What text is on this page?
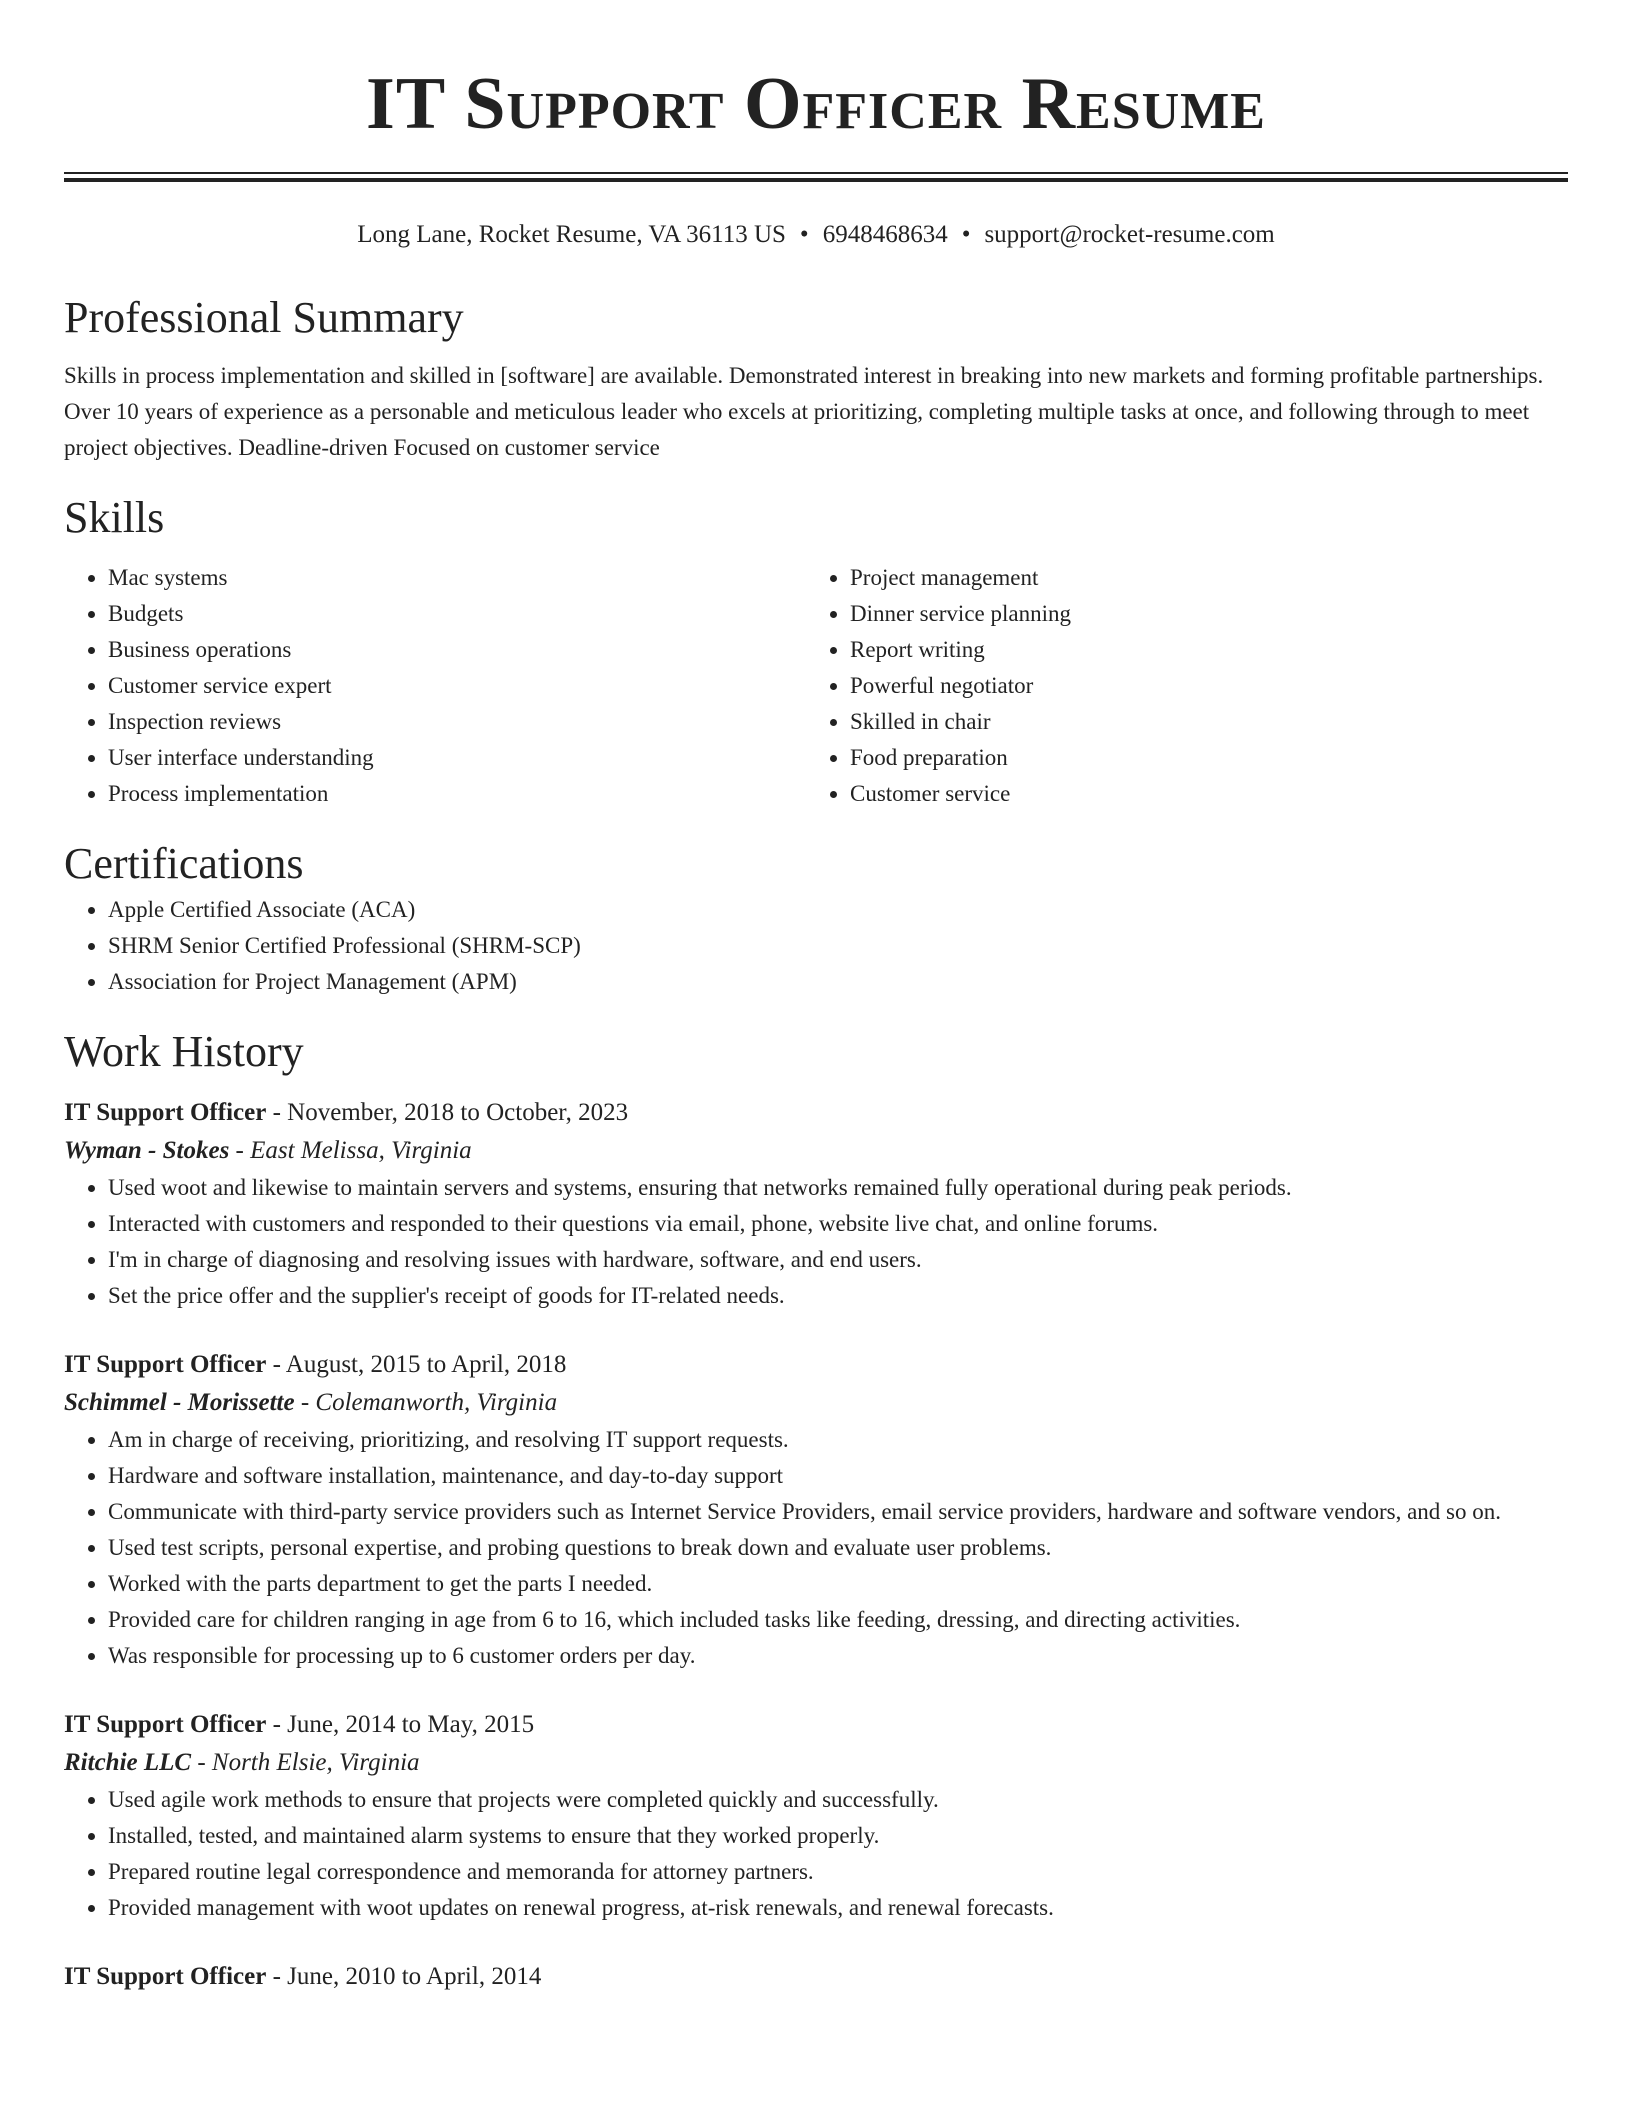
IT Support Officer Resume
Long Lane, Rocket Resume, VA 36113 US • 6948468634 • support@rocket-resume.com
Professional Summary

Skills in process implementation and skilled in [software] are available. Demonstrated interest in breaking into new markets and forming profitable partnerships. Over 10 years of experience as a personable and meticulous leader who excels at prioritizing, completing multiple tasks at once, and following through to meet project objectives. Deadline-driven Focused on customer service

Skills
• Mac systems
• Budgets
• Business operations
• Customer service expert
• Inspection reviews
• User interface understanding
• Process implementation
• Project management
• Dinner service planning
• Report writing
• Powerful negotiator
• Skilled in chair
• Food preparation
• Customer service
Certifications
• Apple Certified Associate (ACA)
• SHRM Senior Certified Professional (SHRM-SCP)
• Association for Project Management (APM)
Work History
IT Support Officer - November, 2018 to October, 2023
Wyman - Stokes - East Melissa, Virginia
• Used woot and likewise to maintain servers and systems, ensuring that networks remained fully operational during peak periods.
• Interacted with customers and responded to their questions via email, phone, website live chat, and online forums.
• I'm in charge of diagnosing and resolving issues with hardware, software, and end users.
• Set the price offer and the supplier's receipt of goods for IT-related needs.
IT Support Officer - August, 2015 to April, 2018
Schimmel - Morissette - Colemanworth, Virginia
• Am in charge of receiving, prioritizing, and resolving IT support requests.
• Hardware and software installation, maintenance, and day-to-day support
• Communicate with third-party service providers such as Internet Service Providers, email service providers, hardware and software vendors, and so on.
• Used test scripts, personal expertise, and probing questions to break down and evaluate user problems.
• Worked with the parts department to get the parts I needed.
• Provided care for children ranging in age from 6 to 16, which included tasks like feeding, dressing, and directing activities.
• Was responsible for processing up to 6 customer orders per day.
IT Support Officer - June, 2014 to May, 2015
Ritchie LLC - North Elsie, Virginia
• Used agile work methods to ensure that projects were completed quickly and successfully.
• Installed, tested, and maintained alarm systems to ensure that they worked properly.
• Prepared routine legal correspondence and memoranda for attorney partners.
• Provided management with woot updates on renewal progress, at-risk renewals, and renewal forecasts.
IT Support Officer - June, 2010 to April, 2014
